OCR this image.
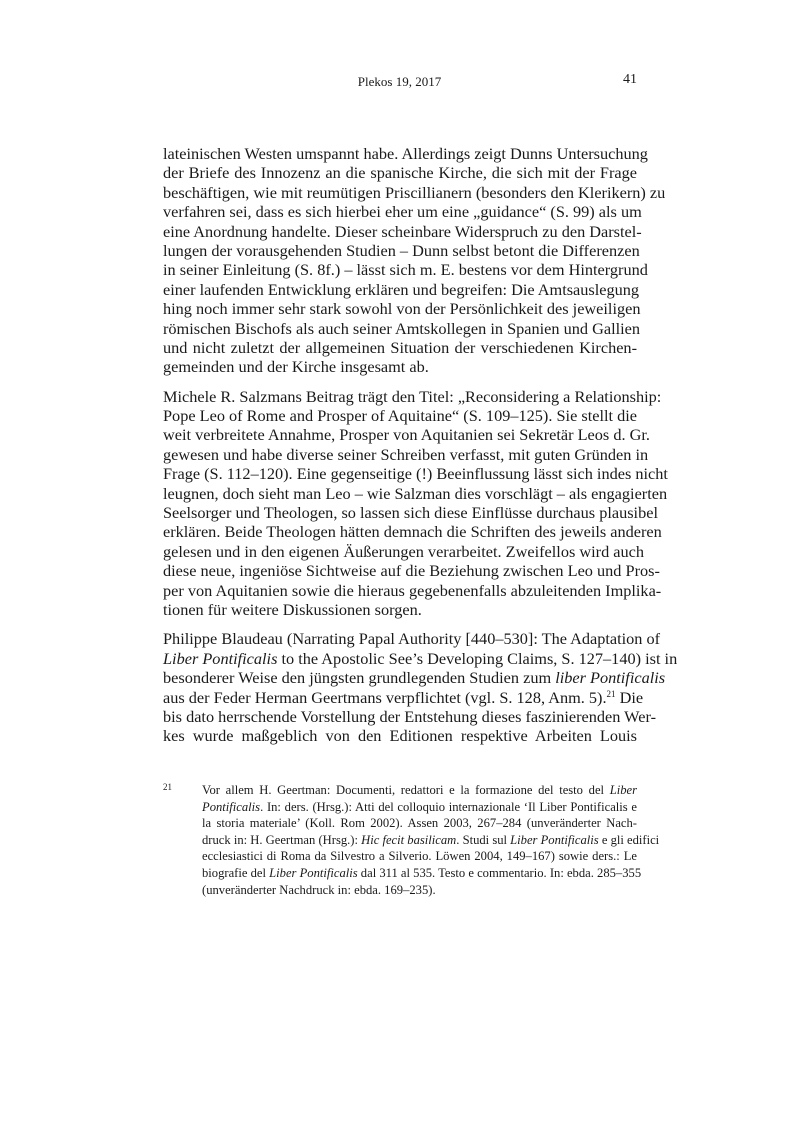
Plekos 19, 2017	41
lateinischen Westen umspannt habe. Allerdings zeigt Dunns Untersuchung
der Briefe des Innozenz an die spanische Kirche, die sich mit der Frage
beschäftigen, wie mit reumütigen Priscillianern (besonders den Klerikern) zu
verfahren sei, dass es sich hierbei eher um eine „guidance“ (S. 99) als um
eine Anordnung handelte. Dieser scheinbare Widerspruch zu den Darstel-
lungen der vorausgehenden Studien – Dunn selbst betont die Differenzen
in seiner Einleitung (S. 8f.) – lässt sich m. E. bestens vor dem Hintergrund
einer laufenden Entwicklung erklären und begreifen: Die Amtsauslegung
hing noch immer sehr stark sowohl von der Persönlichkeit des jeweiligen
römischen Bischofs als auch seiner Amtskollegen in Spanien und Gallien
und nicht zuletzt der allgemeinen Situation der verschiedenen Kirchen-
gemeinden und der Kirche insgesamt ab.
Michele R. Salzmans Beitrag trägt den Titel: „Reconsidering a Relationship:
Pope Leo of Rome and Prosper of Aquitaine“ (S. 109–125). Sie stellt die
weit verbreitete Annahme, Prosper von Aquitanien sei Sekretär Leos d. Gr.
gewesen und habe diverse seiner Schreiben verfasst, mit guten Gründen in
Frage (S. 112–120). Eine gegenseitige (!) Beeinflussung lässt sich indes nicht
leugnen, doch sieht man Leo – wie Salzman dies vorschlägt – als engagierten
Seelsorger und Theologen, so lassen sich diese Einflüsse durchaus plausibel
erklären. Beide Theologen hätten demnach die Schriften des jeweils anderen
gelesen und in den eigenen Äußerungen verarbeitet. Zweifellos wird auch
diese neue, ingeniöse Sichtweise auf die Beziehung zwischen Leo und Pros-
per von Aquitanien sowie die hieraus gegebenenfalls abzuleitenden Implika-
tionen für weitere Diskussionen sorgen.
Philippe Blaudeau (Narrating Papal Authority [440–530]: The Adaptation of
Liber Pontificalis to the Apostolic See’s Developing Claims, S. 127–140) ist in
besonderer Weise den jüngsten grundlegenden Studien zum liber Pontificalis
aus der Feder Herman Geertmans verpflichtet (vgl. S. 128, Anm. 5).$^{21}$ Die
bis dato herrschende Vorstellung der Entstehung dieses faszinierenden Wer-
kes wurde maßgeblich von den Editionen respektive Arbeiten Louis
21 Vor allem H. Geertman: Documenti, redattori e la formazione del testo del Liber
Pontificalis. In: ders. (Hrsg.): Atti del colloquio internazionale ‘Il Liber Pontificalis e
la storia materiale’ (Koll. Rom 2002). Assen 2003, 267–284 (unveränderter Nach-
druck in: H. Geertman (Hrsg.): Hic fecit basilicam. Studi sul Liber Pontificalis e gli edifici
ecclesiastici di Roma da Silvestro a Silverio. Löwen 2004, 149–167) sowie ders.: Le
biografie del Liber Pontificalis dal 311 al 535. Testo e commentario. In: ebda. 285–355
(unveränderter Nachdruck in: ebda. 169–235).
